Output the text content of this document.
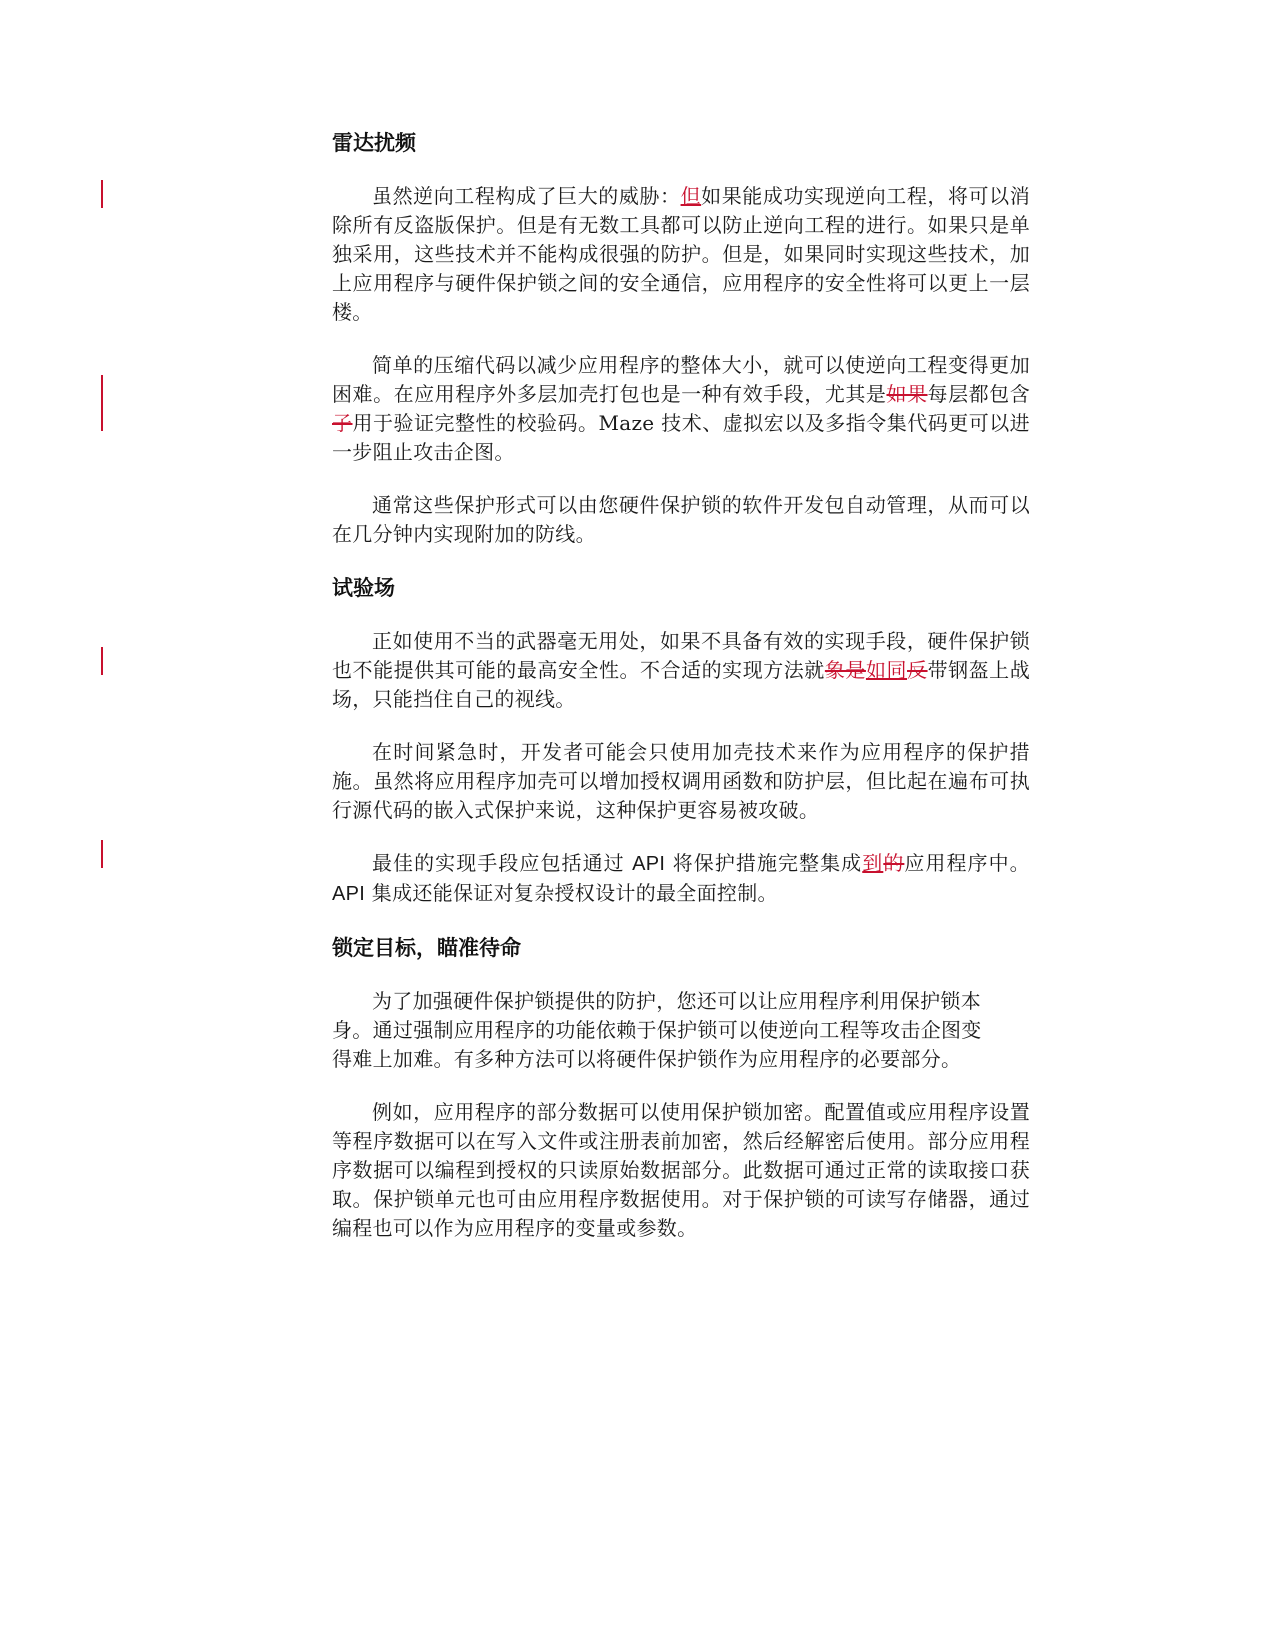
雷达扰频

虽然逆向工程构成了巨大的威胁：但如果能成功实现逆向工程，将可以消除所有反盗版保护。但是有无数工具都可以防止逆向工程的进行。如果只是单独采用，这些技术并不能构成很强的防护。但是，如果同时实现这些技术，加上应用程序与硬件保护锁之间的安全通信，应用程序的安全性将可以更上一层楼。

简单的压缩代码以减少应用程序的整体大小，就可以使逆向工程变得更加困难。在应用程序外多层加壳打包也是一种有效手段，尤其是如果每层都包含子用于验证完整性的校验码。Maze 技术、虚拟宏以及多指令集代码更可以进一步阻止攻击企图。

通常这些保护形式可以由您硬件保护锁的软件开发包自动管理，从而可以在几分钟内实现附加的防线。

试验场

正如使用不当的武器毫无用处，如果不具备有效的实现手段，硬件保护锁也不能提供其可能的最高安全性。不合适的实现方法就象是如同反带钢盔上战场，只能挡住自己的视线。

在时间紧急时，开发者可能会只使用加壳技术来作为应用程序的保护措施。虽然将应用程序加壳可以增加授权调用函数和防护层，但比起在遍布可执行源代码的嵌入式保护来说，这种保护更容易被攻破。

最佳的实现手段应包括通过 API 将保护措施完整集成到的应用程序中。API 集成还能保证对复杂授权设计的最全面控制。

锁定目标，瞄准待命

为了加强硬件保护锁提供的防护，您还可以让应用程序利用保护锁本身。通过强制应用程序的功能依赖于保护锁可以使逆向工程等攻击企图变得难上加难。有多种方法可以将硬件保护锁作为应用程序的必要部分。

例如，应用程序的部分数据可以使用保护锁加密。配置值或应用程序设置等程序数据可以在写入文件或注册表前加密，然后经解密后使用。部分应用程序数据可以编程到授权的只读原始数据部分。此数据可通过正常的读取接口获取。保护锁单元也可由应用程序数据使用。对于保护锁的可读写存储器，通过编程也可以作为应用程序的变量或参数。
